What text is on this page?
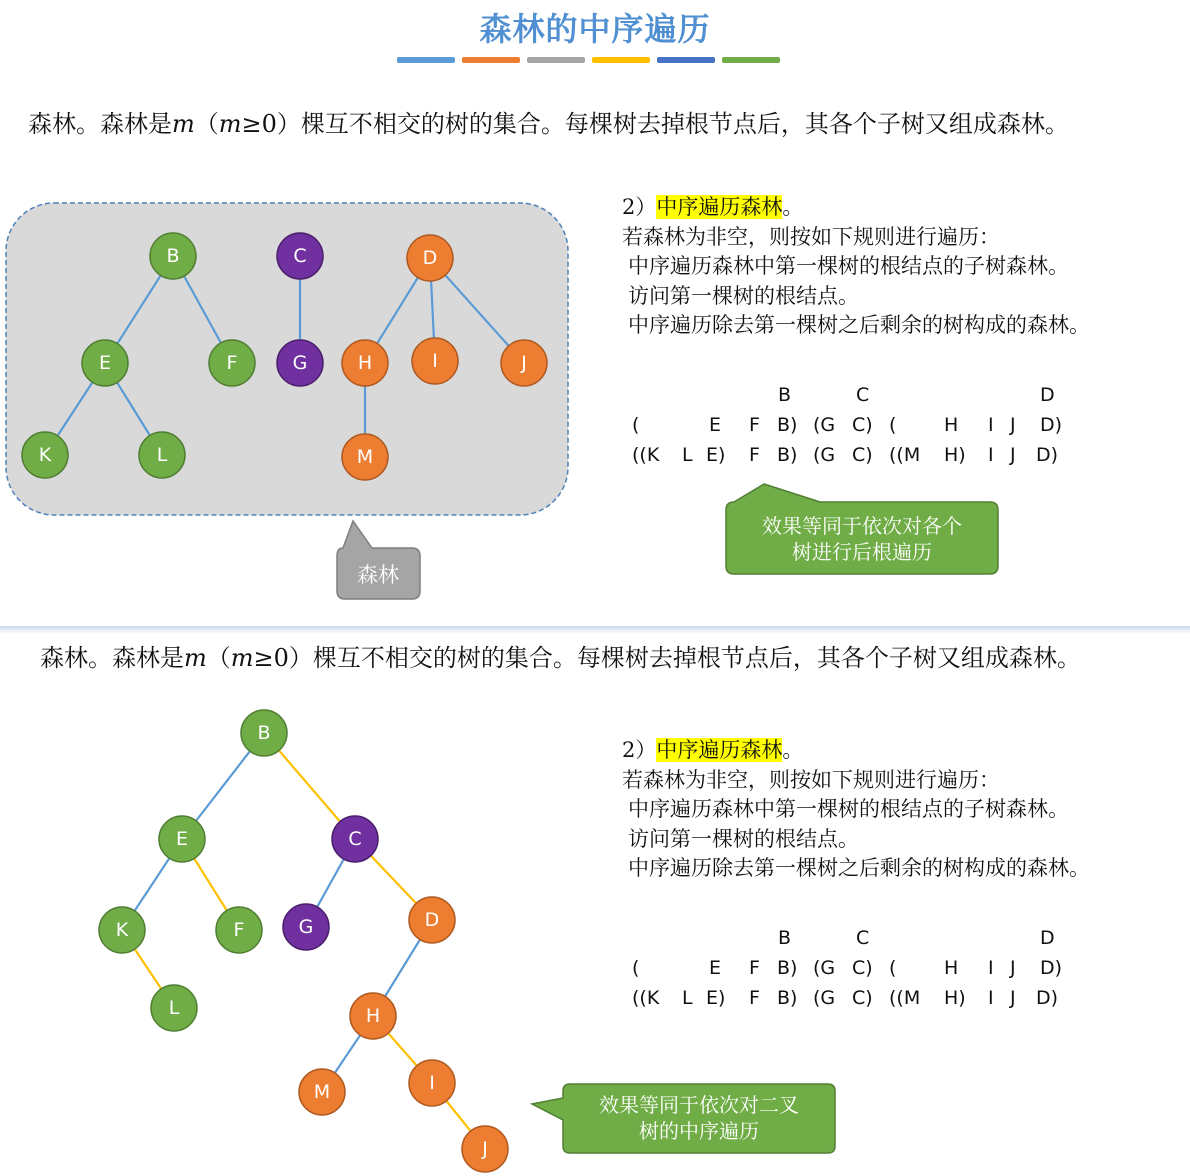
森林的中序遍历
森林。森林是m（m≥0）棵互不相交的树的集合。每棵树去掉根节点后，其各个子树又组成森林。
B
E	F
K	L
C
G
D
H	I	J
M
森林
2）中序遍历森林。
若森林为非空，则按如下规则进行遍历：
中序遍历森林中第一棵树的根结点的子树森林。
访问第一棵树的根结点。
中序遍历除去第一棵树之后剩余的树构成的森林。
B	C	D
(	E F B) (G C) (	H I J D)
((K L E) F B) (G C) ((M H) I J D)
效果等同于依次对各个
树进行后根遍历
森林。森林是m（m≥0）棵互不相交的树的集合。每棵树去掉根节点后，其各个子树又组成森林。
B
E	C
K	F	G	D
L	H
M	I
J
2）中序遍历森林。
若森林为非空，则按如下规则进行遍历：
中序遍历森林中第一棵树的根结点的子树森林。
访问第一棵树的根结点。
中序遍历除去第一棵树之后剩余的树构成的森林。
B	C	D
(	E F B) (G C) (	H I J D)
((K L E) F B) (G C) ((M H) I J D)
效果等同于依次对二叉
树的中序遍历
